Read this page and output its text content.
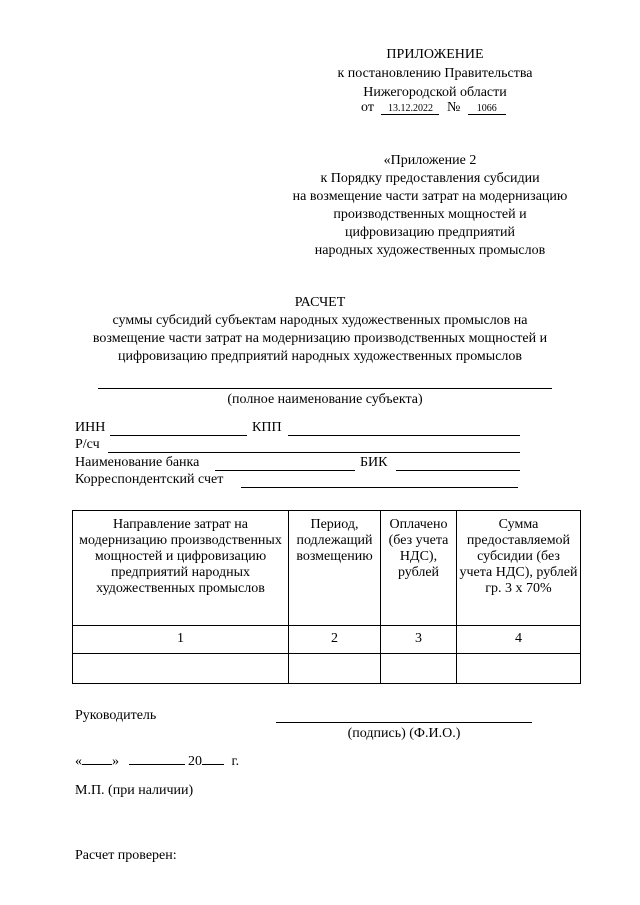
ПРИЛОЖЕНИЕ
к постановлению Правительства
Нижегородской области
от 13.12.2022 № 1066
«Приложение 2
к Порядку предоставления субсидии
на возмещение части затрат на модернизацию
производственных мощностей и
цифровизацию предприятий
народных художественных промыслов
РАСЧЕТ
суммы субсидий субъектам народных художественных промыслов на
возмещение части затрат на модернизацию производственных мощностей и
цифровизацию предприятий народных художественных промыслов
(полное наименование субъекта)
ИНН	КПП
Р/сч
Наименование банка	БИК
Корреспондентский счет
Направление затрат на модернизацию производственных мощностей и цифровизацию предприятий народных художественных промыслов	Период, подлежащий возмещению	Оплачено (без учета НДС), рублей	Сумма предоставляемой субсидии (без учета НДС), рублей гр. 3 х 70%
1	2	3	4

Руководитель
(подпись) (Ф.И.О.)
« »	20 г.
М.П. (при наличии)
Расчет проверен:
